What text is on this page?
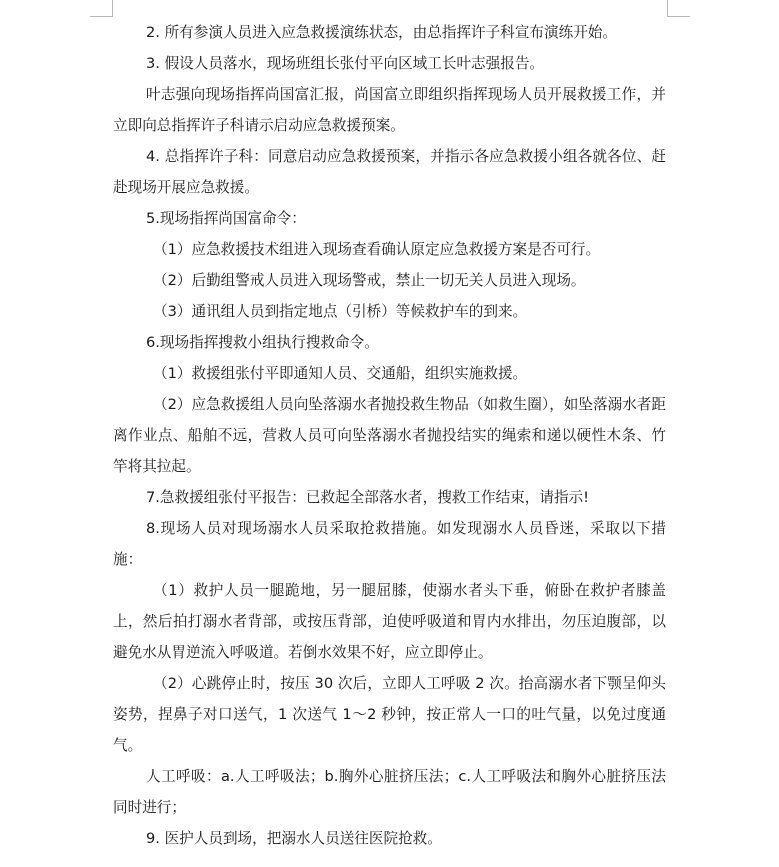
2. 所有参演人员进入应急救援演练状态，由总指挥许子科宣布演练开始。

3. 假设人员落水，现场班组长张付平向区域工长叶志强报告。

叶志强向现场指挥尚国富汇报，尚国富立即组织指挥现场人员开展救援工作，并立即向总指挥许子科请示启动应急救援预案。

4. 总指挥许子科：同意启动应急救援预案，并指示各应急救援小组各就各位、赶赴现场开展应急救援。

5.现场指挥尚国富命令：

（1）应急救援技术组进入现场查看确认原定应急救援方案是否可行。

（2）后勤组警戒人员进入现场警戒，禁止一切无关人员进入现场。

（3）通讯组人员到指定地点（引桥）等候救护车的到来。

6.现场指挥搜救小组执行搜救命令。

（1）救援组张付平即通知人员、交通船，组织实施救援。

（2）应急救援组人员向坠落溺水者抛投救生物品（如救生圈），如坠落溺水者距离作业点、船舶不远，营救人员可向坠落溺水者抛投结实的绳索和递以硬性木条、竹竿将其拉起。

7.急救援组张付平报告：已救起全部落水者，搜救工作结束，请指示!

8.现场人员对现场溺水人员采取抢救措施。如发现溺水人员昏迷，采取以下措施：

（1）救护人员一腿跪地，另一腿屈膝，使溺水者头下垂，俯卧在救护者膝盖上，然后拍打溺水者背部，或按压背部，迫使呼吸道和胃内水排出，勿压迫腹部，以避免水从胃逆流入呼吸道。若倒水效果不好，应立即停止。

（2）心跳停止时，按压 30 次后，立即人工呼吸 2 次。抬高溺水者下颚呈仰头姿势，捏鼻子对口送气，1 次送气 1～2 秒钟，按正常人一口的吐气量，以免过度通气。

人工呼吸：a.人工呼吸法；b.胸外心脏挤压法；c.人工呼吸法和胸外心脏挤压法同时进行；

9. 医护人员到场，把溺水人员送往医院抢救。
